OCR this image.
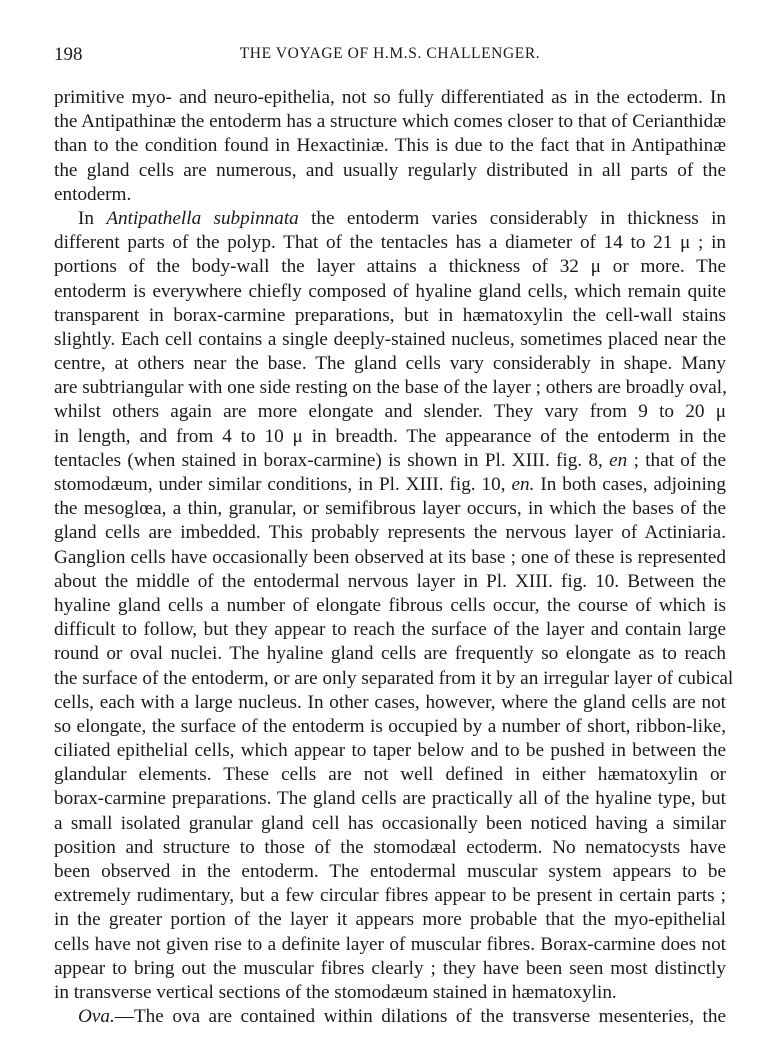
198	THE VOYAGE OF H.M.S. CHALLENGER.
primitive myo- and neuro-epithelia, not so fully differentiated as in the ectoderm. In
the Antipathinæ the entoderm has a structure which comes closer to that of Cerianthidæ
than to the condition found in Hexactiniæ. This is due to the fact that in Antipathinæ
the gland cells are numerous, and usually regularly distributed in all parts of the
entoderm.
In Antipathella subpinnata the entoderm varies considerably in thickness in
different parts of the polyp. That of the tentacles has a diameter of 14 to 21 μ ; in
portions of the body-wall the layer attains a thickness of 32 μ or more. The
entoderm is everywhere chiefly composed of hyaline gland cells, which remain quite
transparent in borax-carmine preparations, but in hæmatoxylin the cell-wall stains
slightly. Each cell contains a single deeply-stained nucleus, sometimes placed near the
centre, at others near the base. The gland cells vary considerably in shape. Many
are subtriangular with one side resting on the base of the layer ; others are broadly oval,
whilst others again are more elongate and slender. They vary from 9 to 20 μ
in length, and from 4 to 10 μ in breadth. The appearance of the entoderm in the
tentacles (when stained in borax-carmine) is shown in Pl. XIII. fig. 8, en ; that of the
stomodæum, under similar conditions, in Pl. XIII. fig. 10, en. In both cases, adjoining
the mesoglœa, a thin, granular, or semifibrous layer occurs, in which the bases of the
gland cells are imbedded. This probably represents the nervous layer of Actiniaria.
Ganglion cells have occasionally been observed at its base ; one of these is represented
about the middle of the entodermal nervous layer in Pl. XIII. fig. 10. Between the
hyaline gland cells a number of elongate fibrous cells occur, the course of which is
difficult to follow, but they appear to reach the surface of the layer and contain large
round or oval nuclei. The hyaline gland cells are frequently so elongate as to reach
the surface of the entoderm, or are only separated from it by an irregular layer of cubical
cells, each with a large nucleus. In other cases, however, where the gland cells are not
so elongate, the surface of the entoderm is occupied by a number of short, ribbon-like,
ciliated epithelial cells, which appear to taper below and to be pushed in between the
glandular elements. These cells are not well defined in either hæmatoxylin or
borax-carmine preparations. The gland cells are practically all of the hyaline type, but
a small isolated granular gland cell has occasionally been noticed having a similar
position and structure to those of the stomodæal ectoderm. No nematocysts have
been observed in the entoderm. The entodermal muscular system appears to be
extremely rudimentary, but a few circular fibres appear to be present in certain parts ;
in the greater portion of the layer it appears more probable that the myo-epithelial
cells have not given rise to a definite layer of muscular fibres. Borax-carmine does not
appear to bring out the muscular fibres clearly ; they have been seen most distinctly
in transverse vertical sections of the stomodæum stained in hæmatoxylin.
Ova.—The ova are contained within dilations of the transverse mesenteries, the
